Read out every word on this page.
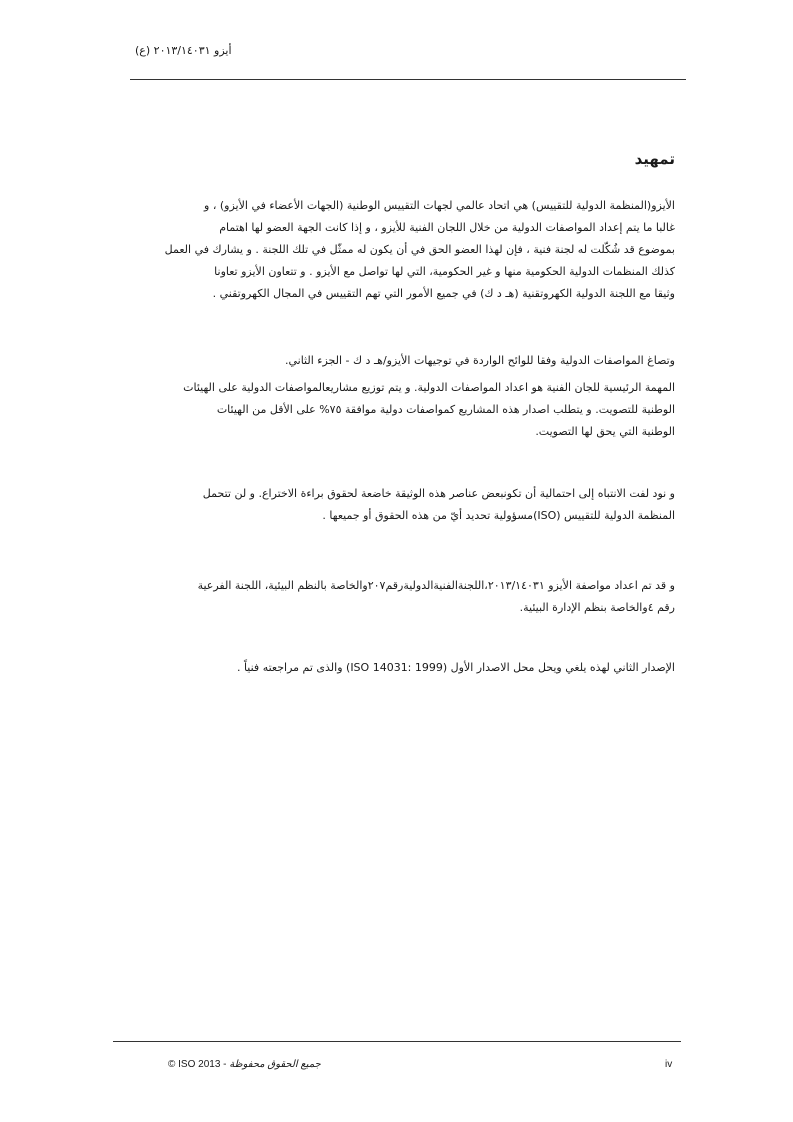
أيزو ٢٠١٣/١٤٠٣١ (ع)
تمهيد
الأيزو(المنظمة الدولية للتقييس) هي اتحاد عالمي لجهات التقييس الوطنية (الجهات الأعضاء في الأيزو) ، و
غالبا ما يتم إعداد المواصفات الدولية من خلال اللجان الفنية للأيزو ، و إذا كانت الجهة العضو لها اهتمام
بموضوع قد شُكّلت له لجنة فنية ، فإن لهذا العضو الحق في أن يكون له ممثّل في تلك اللجنة . و يشارك في العمل
كذلك المنظمات الدولية الحكومية منها و غير الحكومية، التي لها تواصل مع الأيزو . و تتعاون الأيزو تعاونا
وثيقا مع اللجنة الدولية الكهروتقنية (هـ د ك) في جميع الأمور التي تهم التقييس في المجال الكهروتقني .
وتصاغ المواصفات الدولية وفقا للوائح الواردة في توجيهات الأيزو/هـ د ك - الجزء الثاني.
المهمة الرئيسية للجان الفنية هو اعداد المواصفات الدولية. و يتم توزيع مشاريعالمواصفات الدولية على الهيئات
الوطنية للتصويت. و يتطلب اصدار هذه المشاريع كمواصفات دولية موافقة ٧٥% على الأقل من الهيئات
الوطنية التي يحق لها التصويت.
و نود لفت الانتباه إلى احتمالية أن تكونبعض عناصر هذه الوثيقة خاضعة لحقوق براءة الاختراع. و لن تتحمل
المنظمة الدولية للتقييس (ISO)مسؤولية تحديد أيّ من هذه الحقوق أو جميعها .
و قد تم اعداد مواصفة الأيزو ٢٠١٣/١٤٠٣١،اللجنةالفنيةالدوليةرقم٢٠٧والخاصة بالنظم البيئية، اللجنة الفرعية
رقم ٤والخاصة بنظم الإدارة البيئية.
الإصدار الثاني لهذه يلغي ويحل محل الاصدار الأول (ISO 14031: 1999) والذى تم مراجعته فنياً .
© ISO 2013 - جميع الحقوق محفوظة	iv
